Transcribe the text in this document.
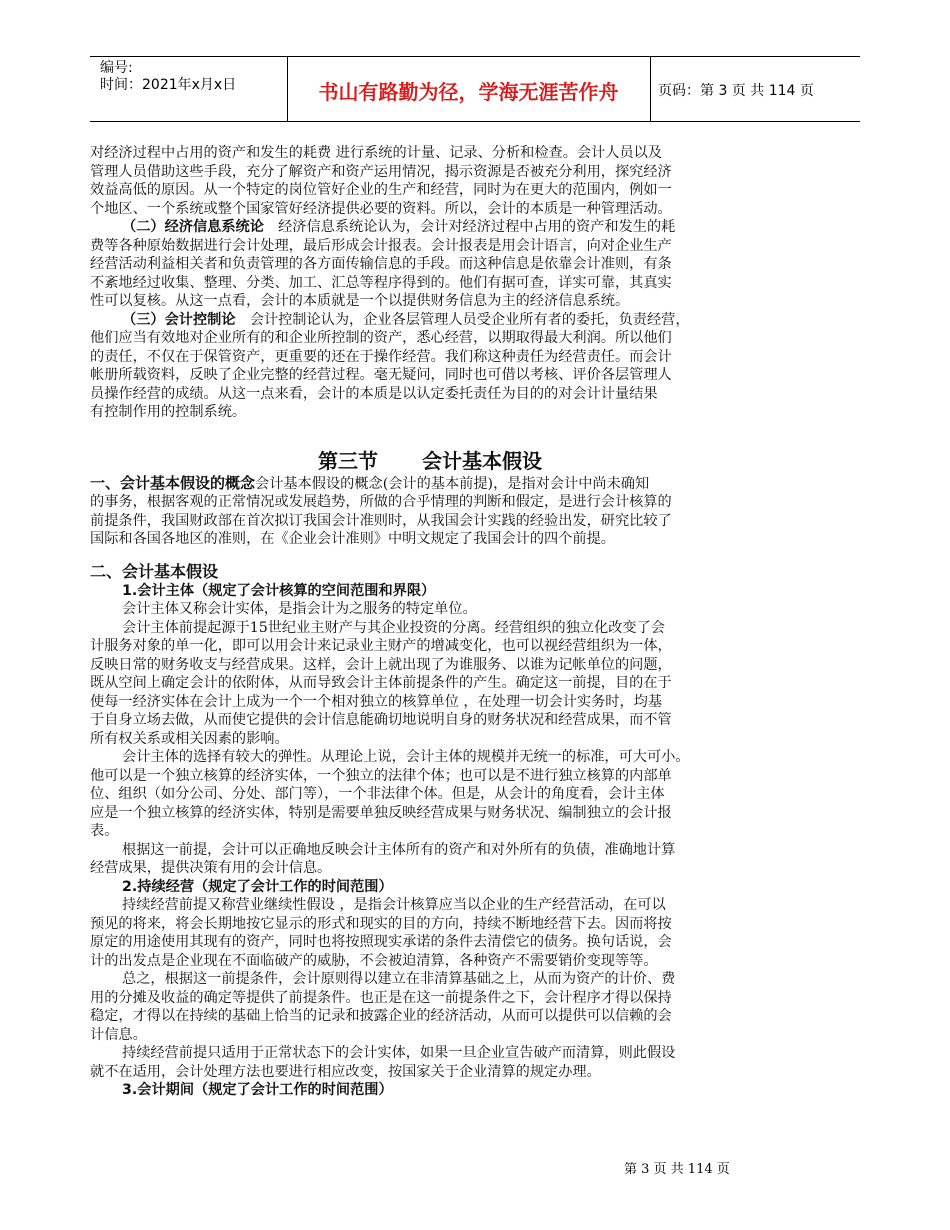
编号:
时间：2021年x月x日	书山有路勤为径，学海无涯苦作舟	页码：第 3 页 共 114 页
对经济过程中占用的资产和发生的耗费 进行系统的计量、记录、分析和检查。会计人员以及
管理人员借助这些手段，充分了解资产和资产运用情况，揭示资源是否被充分利用，探究经济
效益高低的原因。从一个特定的岗位管好企业的生产和经营，同时为在更大的范围内，例如一
个地区、一个系统或整个国家管好经济提供必要的资料。所以，会计的本质是一种管理活动。
（二）经济信息系统论　经济信息系统论认为，会计对经济过程中占用的资产和发生的耗
费等各种原始数据进行会计处理，最后形成会计报表。会计报表是用会计语言，向对企业生产
经营活动利益相关者和负责管理的各方面传输信息的手段。而这种信息是依靠会计准则，有条
不紊地经过收集、整理、分类、加工、汇总等程序得到的。他们有据可查，详实可靠，其真实
性可以复核。从这一点看，会计的本质就是一个以提供财务信息为主的经济信息系统。
（三）会计控制论　会计控制论认为，企业各层管理人员受企业所有者的委托，负责经营，
他们应当有效地对企业所有的和企业所控制的资产，悉心经营，以期取得最大利润。所以他们
的责任，不仅在于保管资产，更重要的还在于操作经营。我们称这种责任为经营责任。而会计
帐册所载资料，反映了企业完整的经营过程。毫无疑问，同时也可借以考核、评价各层管理人
员操作经营的成绩。从这一点来看，会计的本质是以认定委托责任为目的的对会计计量结果
有控制作用的控制系统。
第三节 会计基本假设
一、会计基本假设的概念会计基本假设的概念(会计的基本前提)，是指对会计中尚未确知
的事务，根据客观的正常情况或发展趋势，所做的合乎情理的判断和假定，是进行会计核算的
前提条件，我国财政部在首次拟订我国会计准则时，从我国会计实践的经验出发，研究比较了
国际和各国各地区的准则，在《企业会计准则》中明文规定了我国会计的四个前提。
二、会计基本假设
1.会计主体（规定了会计核算的空间范围和界限）
会计主体又称会计实体，是指会计为之服务的特定单位。
会计主体前提起源于15世纪业主财产与其企业投资的分离。经营组织的独立化改变了会
计服务对象的单一化，即可以用会计来记录业主财产的增减变化，也可以视经营组织为一体，
反映日常的财务收支与经营成果。这样，会计上就出现了为谁服务、以谁为记帐单位的问题，
既从空间上确定会计的依附体，从而导致会计主体前提条件的产生。确定这一前提，目的在于
使每一经济实体在会计上成为一个一个相对独立的核算单位 ，在处理一切会计实务时，均基
于自身立场去做，从而使它提供的会计信息能确切地说明自身的财务状况和经营成果，而不管
所有权关系或相关因素的影响。
会计主体的选择有较大的弹性。从理论上说，会计主体的规模并无统一的标准，可大可小。
他可以是一个独立核算的经济实体，一个独立的法律个体；也可以是不进行独立核算的内部单
位、组织（如分公司、分处、部门等），一个非法律个体。但是，从会计的角度看，会计主体
应是一个独立核算的经济实体，特别是需要单独反映经营成果与财务状况、编制独立的会计报
表。
根据这一前提，会计可以正确地反映会计主体所有的资产和对外所有的负债，准确地计算
经营成果，提供决策有用的会计信息。
2.持续经营（规定了会计工作的时间范围）
持续经营前提又称营业继续性假设 ，是指会计核算应当以企业的生产经营活动，在可以
预见的将来，将会长期地按它显示的形式和现实的目的方向，持续不断地经营下去。因而将按
原定的用途使用其现有的资产，同时也将按照现实承诺的条件去清偿它的债务。换句话说，会
计的出发点是企业现在不面临破产的威胁，不会被迫清算，各种资产不需要销价变现等等。
总之，根据这一前提条件，会计原则得以建立在非清算基础之上，从而为资产的计价、费
用的分摊及收益的确定等提供了前提条件。也正是在这一前提条件之下，会计程序才得以保持
稳定，才得以在持续的基础上恰当的记录和披露企业的经济活动，从而可以提供可以信赖的会
计信息。
持续经营前提只适用于正常状态下的会计实体，如果一旦企业宣告破产而清算，则此假设
就不在适用，会计处理方法也要进行相应改变，按国家关于企业清算的规定办理。
3.会计期间（规定了会计工作的时间范围）
第 3 页 共 114 页
